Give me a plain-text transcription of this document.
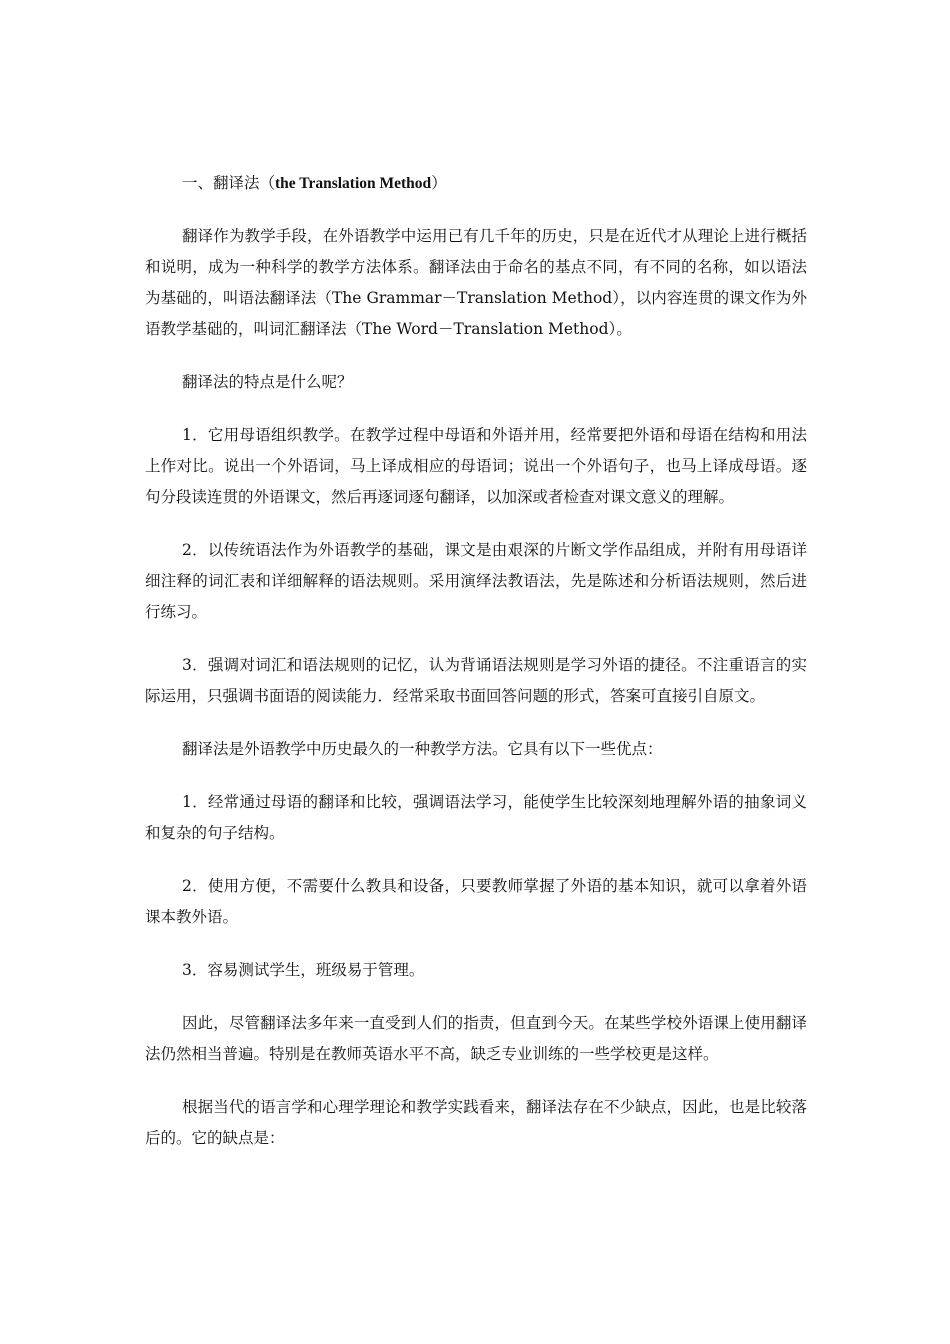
一、翻译法（the Translation Method）

翻译作为教学手段，在外语教学中运用已有几千年的历史，只是在近代才从理论上进行概括和说明，成为一种科学的教学方法体系。翻译法由于命名的基点不同，有不同的名称，如以语法为基础的，叫语法翻译法（The Grammar－Translation Method），以内容连贯的课文作为外语教学基础的，叫词汇翻译法（The Word－Translation Method）。

翻译法的特点是什么呢？

1．它用母语组织教学。在教学过程中母语和外语并用，经常要把外语和母语在结构和用法上作对比。说出一个外语词，马上译成相应的母语词；说出一个外语句子，也马上译成母语。逐句分段读连贯的外语课文，然后再逐词逐句翻译，以加深或者检查对课文意义的理解。

2．以传统语法作为外语教学的基础，课文是由艰深的片断文学作品组成，并附有用母语详细注释的词汇表和详细解释的语法规则。采用演绎法教语法，先是陈述和分析语法规则，然后进行练习。

3．强调对词汇和语法规则的记忆，认为背诵语法规则是学习外语的捷径。不注重语言的实际运用，只强调书面语的阅读能力．经常采取书面回答问题的形式，答案可直接引自原文。

翻译法是外语教学中历史最久的一种教学方法。它具有以下一些优点：

1．经常通过母语的翻译和比较，强调语法学习，能使学生比较深刻地理解外语的抽象词义和复杂的句子结构。

2．使用方便，不需要什么教具和设备，只要教师掌握了外语的基本知识，就可以拿着外语课本教外语。

3．容易测试学生，班级易于管理。

因此，尽管翻译法多年来一直受到人们的指责，但直到今天。在某些学校外语课上使用翻译法仍然相当普遍。特别是在教师英语水平不高，缺乏专业训练的一些学校更是这样。

根据当代的语言学和心理学理论和教学实践看来，翻译法存在不少缺点，因此，也是比较落后的。它的缺点是：
